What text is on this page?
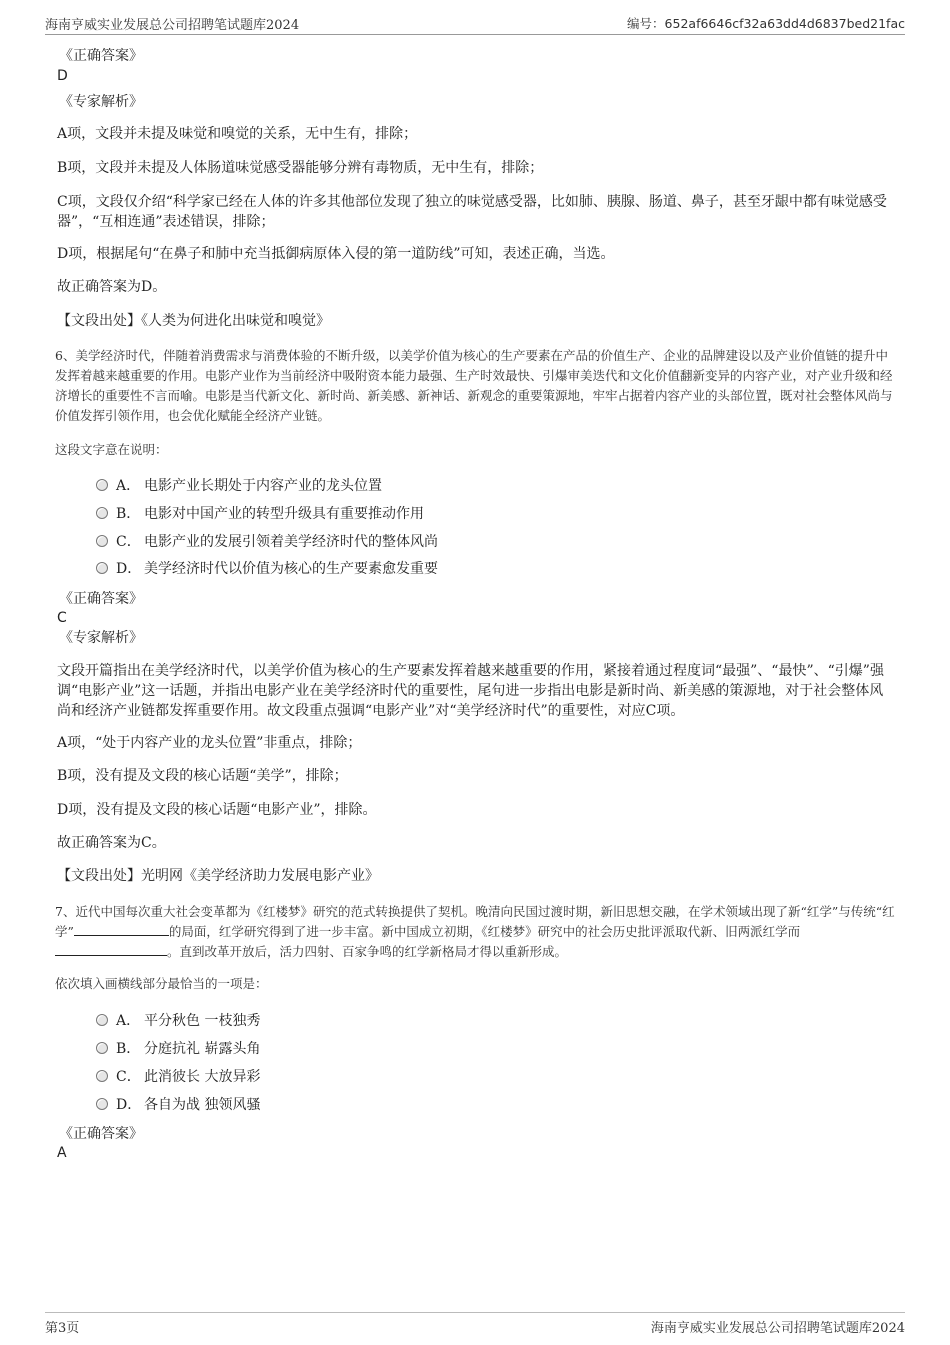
海南亨威实业发展总公司招聘笔试题库2024	编号：652af6646cf32a63dd4d6837bed21fac
《正确答案》
D
《专家解析》
A项，文段并未提及味觉和嗅觉的关系，无中生有，排除；
B项，文段并未提及人体肠道味觉感受器能够分辨有毒物质，无中生有，排除；
C项，文段仅介绍“科学家已经在人体的许多其他部位发现了独立的味觉感受器，比如肺、胰腺、肠道、鼻子，甚至牙龈中都有味觉感受器”，“互相连通”表述错误，排除；
D项，根据尾句“在鼻子和肺中充当抵御病原体入侵的第一道防线”可知，表述正确，当选。
故正确答案为D。
【文段出处】《人类为何进化出味觉和嗅觉》
6、美学经济时代，伴随着消费需求与消费体验的不断升级，以美学价值为核心的生产要素在产品的价值生产、企业的品牌建设以及产业价值链的提升中发挥着越来越重要的作用。电影产业作为当前经济中吸附资本能力最强、生产时效最快、引爆审美迭代和文化价值翻新变异的内容产业，对产业升级和经济增长的重要性不言而喻。电影是当代新文化、新时尚、新美感、新神话、新观念的重要策源地，牢牢占据着内容产业的头部位置，既对社会整体风尚与价值发挥引领作用，也会优化赋能全经济产业链。
这段文字意在说明：
A． 电影产业长期处于内容产业的龙头位置
B． 电影对中国产业的转型升级具有重要推动作用
C． 电影产业的发展引领着美学经济时代的整体风尚
D． 美学经济时代以价值为核心的生产要素愈发重要
《正确答案》
C
《专家解析》
文段开篇指出在美学经济时代，以美学价值为核心的生产要素发挥着越来越重要的作用，紧接着通过程度词“最强”、“最快”、“引爆”强调“电影产业”这一话题，并指出电影产业在美学经济时代的重要性，尾句进一步指出电影是新时尚、新美感的策源地，对于社会整体风尚和经济产业链都发挥重要作用。故文段重点强调“电影产业”对“美学经济时代”的重要性，对应C项。
A项，“处于内容产业的龙头位置”非重点，排除；
B项，没有提及文段的核心话题“美学”，排除；
D项，没有提及文段的核心话题“电影产业”，排除。
故正确答案为C。
【文段出处】光明网《美学经济助力发展电影产业》
7、近代中国每次重大社会变革都为《红楼梦》研究的范式转换提供了契机。晚清向民国过渡时期，新旧思想交融，在学术领域出现了新“红学”与传统“红学”	的局面，红学研究得到了进一步丰富。新中国成立初期，《红楼梦》研究中的社会历史批评派取代新、旧两派红学而。直到改革开放后，活力四射、百家争鸣的红学新格局才得以重新形成。
依次填入画横线部分最恰当的一项是：
A． 平分秋色 一枝独秀
B． 分庭抗礼 崭露头角
C． 此消彼长 大放异彩
D． 各自为战 独领风骚
《正确答案》
A
第3页	海南亨威实业发展总公司招聘笔试题库2024
